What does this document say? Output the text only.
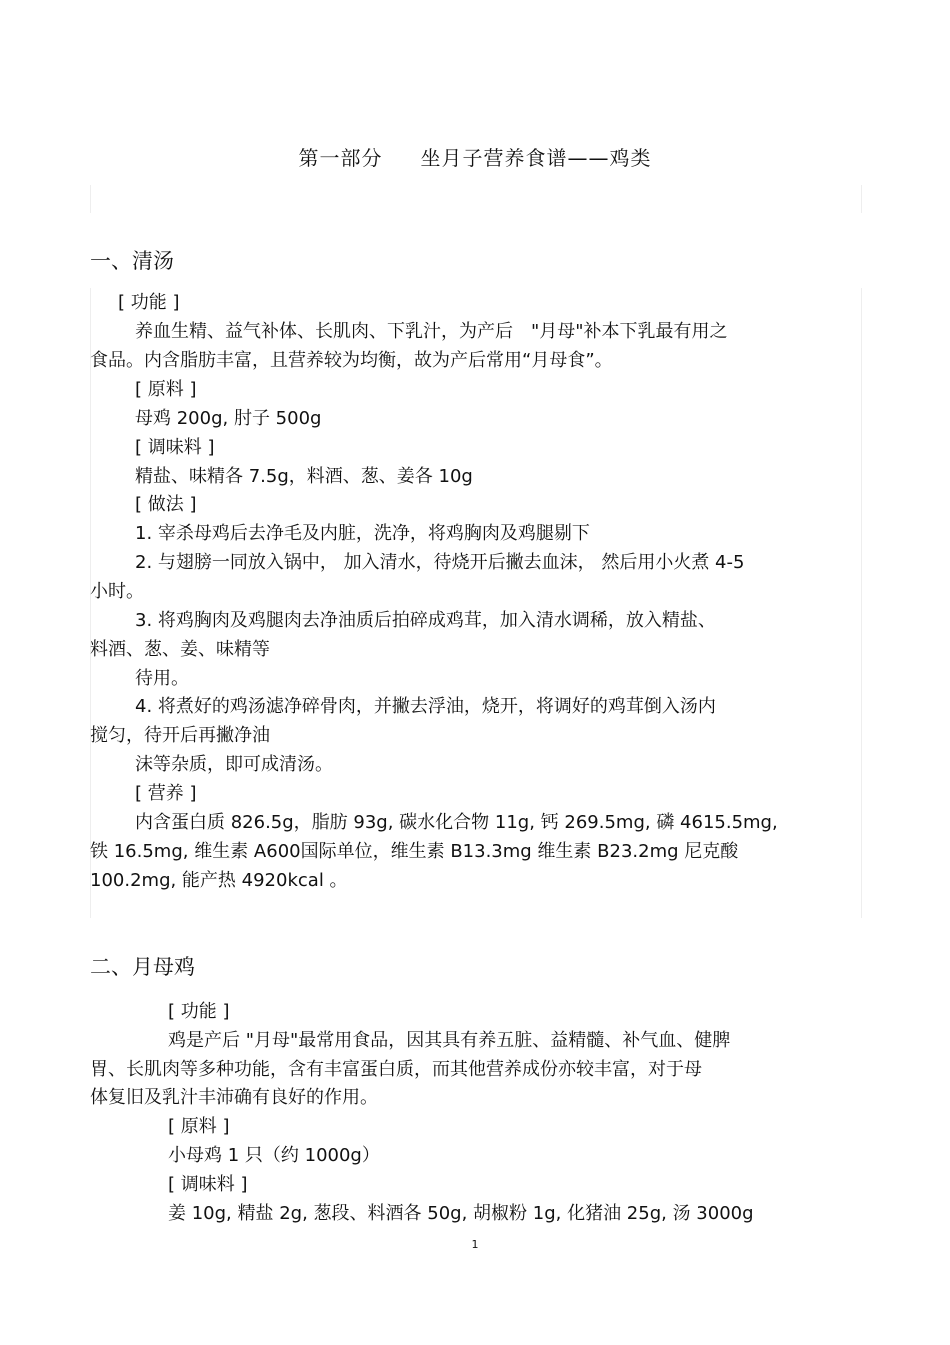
第一部分 坐月子营养食谱——鸡类
一、清汤
[ 功能 ]
养血生精、益气补体、长肌肉、下乳汁，为产后　"月母"补本下乳最有用之
食品。内含脂肪丰富，且营养较为均衡，故为产后常用“月母食”。
[ 原料 ]
母鸡 200g, 肘子 500g
[ 调味料 ]
精盐、味精各 7.5g，料酒、葱、姜各 10g
[ 做法 ]
1. 宰杀母鸡后去净毛及内脏，洗净，将鸡胸肉及鸡腿剔下
2. 与翅膀一同放入锅中， 加入清水，待烧开后撇去血沫， 然后用小火煮 4-5
小时。
3. 将鸡胸肉及鸡腿肉去净油质后拍碎成鸡茸，加入清水调稀，放入精盐、
料酒、葱、姜、味精等
待用。
4. 将煮好的鸡汤滤净碎骨肉，并撇去浮油，烧开，将调好的鸡茸倒入汤内
搅匀，待开后再撇净油
沫等杂质，即可成清汤。
[ 营养 ]
内含蛋白质 826.5g，脂肪 93g, 碳水化合物 11g, 钙 269.5mg, 磷 4615.5mg,
铁 16.5mg, 维生素 A600国际单位，维生素 B13.3mg 维生素 B23.2mg 尼克酸
100.2mg, 能产热 4920kcal 。
二、月母鸡
[ 功能 ]
鸡是产后 "月母"最常用食品，因其具有养五脏、益精髓、补气血、健脾
胃、长肌肉等多种功能，含有丰富蛋白质，而其他营养成份亦较丰富，对于母
体复旧及乳汁丰沛确有良好的作用。
[ 原料 ]
小母鸡 1 只（约 1000g）
[ 调味料 ]
姜 10g, 精盐 2g, 葱段、料酒各 50g, 胡椒粉 1g, 化猪油 25g, 汤 3000g
1
